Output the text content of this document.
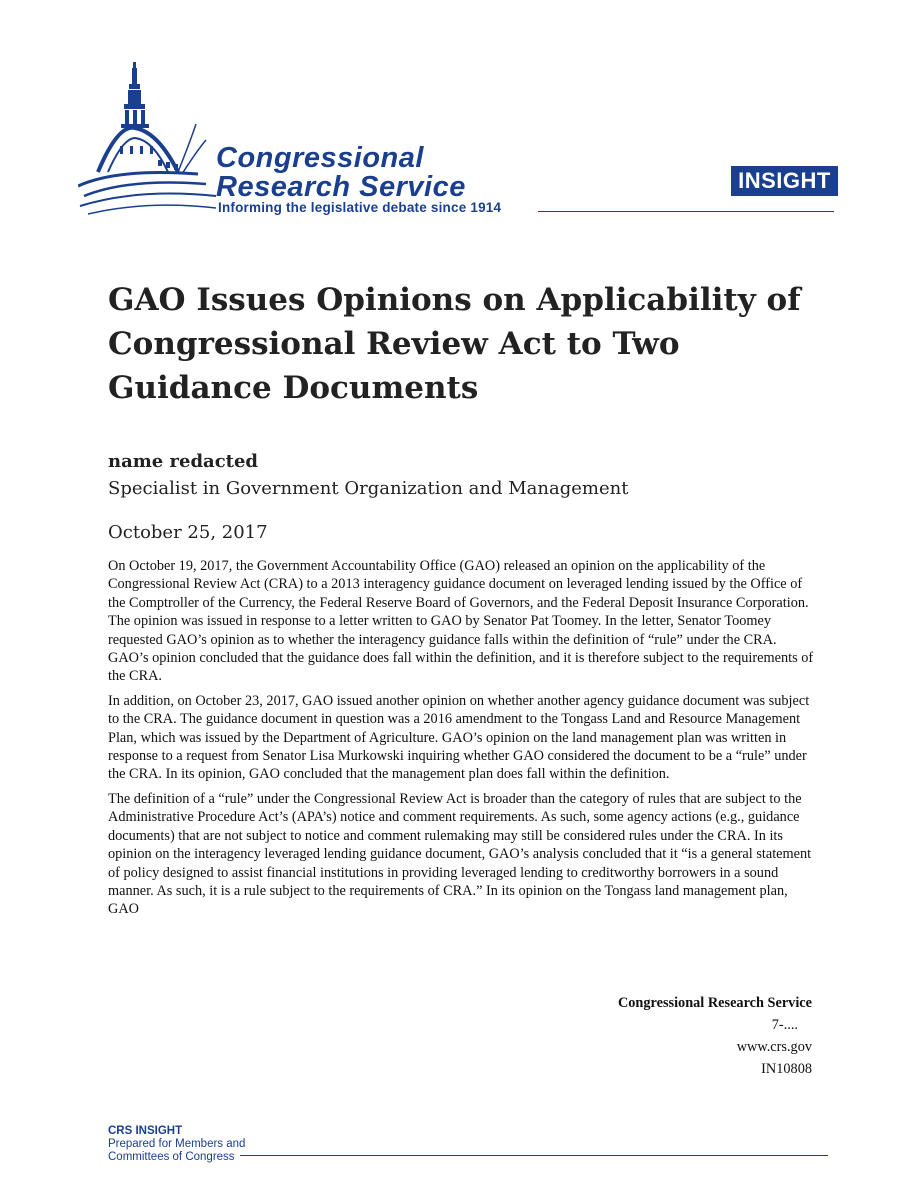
Congressional
Research Service
Informing the legislative debate since 1914
INSIGHT
GAO Issues Opinions on Applicability of Congressional Review Act to Two Guidance Documents
name redacted
Specialist in Government Organization and Management
October 25, 2017

On October 19, 2017, the Government Accountability Office (GAO) released an opinion on the applicability of the Congressional Review Act (CRA) to a 2013 interagency guidance document on leveraged lending issued by the Office of the Comptroller of the Currency, the Federal Reserve Board of Governors, and the Federal Deposit Insurance Corporation. The opinion was issued in response to a letter written to GAO by Senator Pat Toomey. In the letter, Senator Toomey requested GAO’s opinion as to whether the interagency guidance falls within the definition of “rule” under the CRA. GAO’s opinion concluded that the guidance does fall within the definition, and it is therefore subject to the requirements of the CRA.

In addition, on October 23, 2017, GAO issued another opinion on whether another agency guidance document was subject to the CRA. The guidance document in question was a 2016 amendment to the Tongass Land and Resource Management Plan, which was issued by the Department of Agriculture. GAO’s opinion on the land management plan was written in response to a request from Senator Lisa Murkowski inquiring whether GAO considered the document to be a “rule” under the CRA. In its opinion, GAO concluded that the management plan does fall within the definition.

The definition of a “rule” under the Congressional Review Act is broader than the category of rules that are subject to the Administrative Procedure Act’s (APA’s) notice and comment requirements. As such, some agency actions (e.g., guidance documents) that are not subject to notice and comment rulemaking may still be considered rules under the CRA. In its opinion on the interagency leveraged lending guidance document, GAO’s analysis concluded that it “is a general statement of policy designed to assist financial institutions in providing leveraged lending to creditworthy borrowers in a sound manner. As such, it is a rule subject to the requirements of CRA.” In its opinion on the Tongass land management plan, GAO

Congressional Research Service
7-....
www.crs.gov
IN10808
CRS INSIGHT
Prepared for Members and
Committees of Congress
